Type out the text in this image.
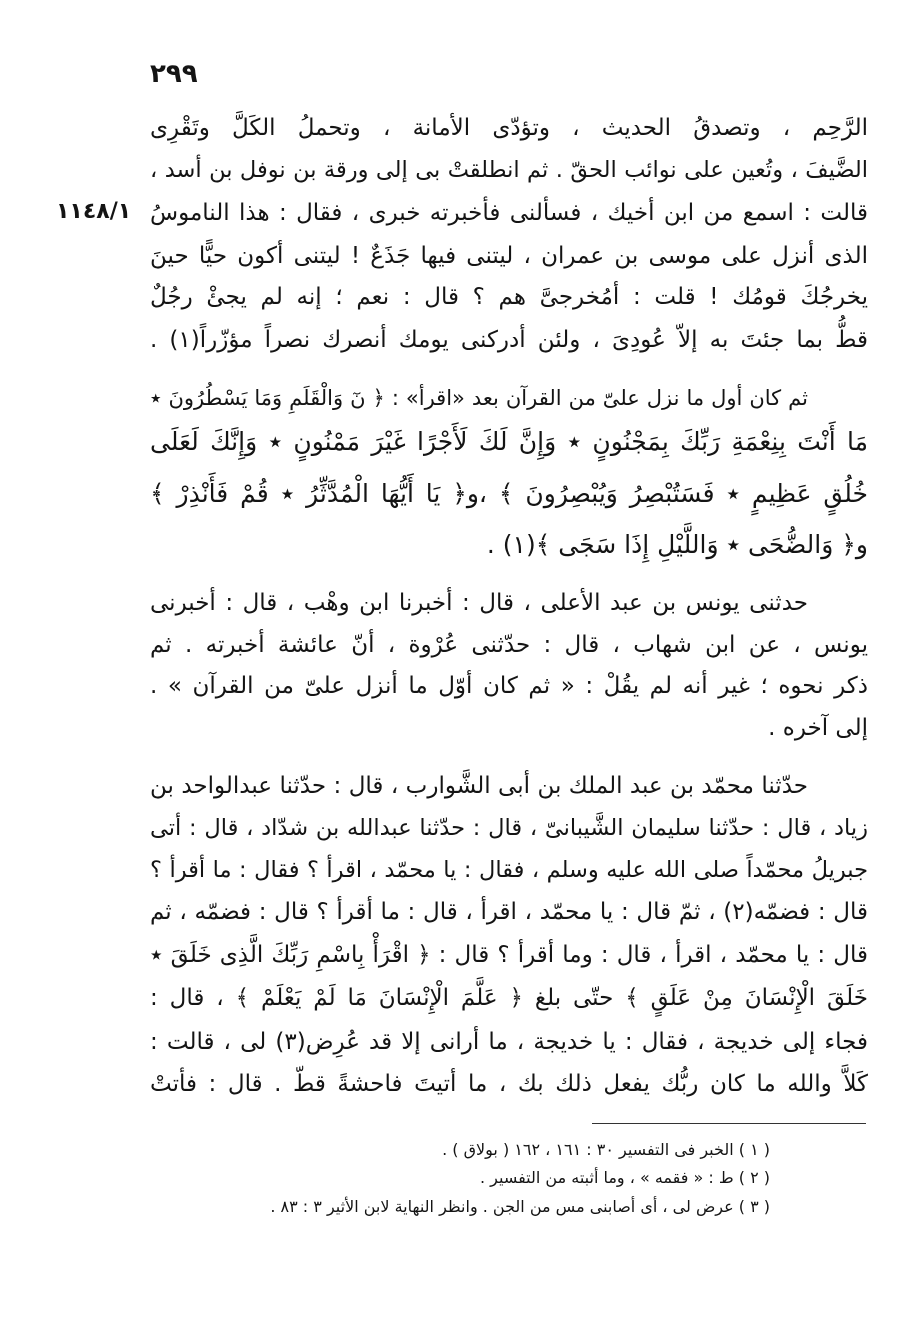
٢٩٩
١١٤٨/١
الرَّحِم ، وتصدقُ الحديث ، وتؤدّى الأمانة ، وتحملُ الكَلَّ وتَقْرِى
الضَّيفَ ، وتُعين على نوائب الحقّ . ثم انطلقتْ بى إلى ورقة بن نوفل بن أسد ،
قالت : اسمع من ابن أخيك ، فسألنى فأخبرته خبرى ، فقال : هذا الناموسُ
الذى أنزل على موسى بن عمران ، ليتنى فيها جَذَعٌ ! ليتنى أكون حيًّا حينَ
يخرجُكَ قومُك ! قلت : أمُخرجىَّ هم ؟ قال : نعم ؛ إنه لم يجئْ رجُلٌ
قطُّ بما جئتَ به إلاّ عُودِىَ ، ولئن أدركنى يومك أنصرك نصراً مؤزّراً(١) .
ثم كان أول ما نزل علىّ من القرآن بعد «اقرأ» : ﴿ نٓ وَالْقَلَمِ وَمَا يَسْطُرُونَ ٭
مَا أَنْتَ بِنِعْمَةِ رَبِّكَ بِمَجْنُونٍ ٭ وَإِنَّ لَكَ لَأَجْرًا غَيْرَ مَمْنُونٍ ٭ وَإِنَّكَ لَعَلَى
خُلُقٍ عَظِيمٍ ٭ فَسَتُبْصِرُ وَيُبْصِرُونَ ﴾ ،و﴿ يَا أَيُّهَا الْمُدَّثِّرُ ٭ قُمْ فَأَنْذِرْ ﴾
و﴿ وَالضُّحَى ٭ وَاللَّيْلِ إِذَا سَجَى ﴾(١) .
حدثنى يونس بن عبد الأعلى ، قال : أخبرنا ابن وهْب ، قال : أخبرنى
يونس ، عن ابن شهاب ، قال : حدّثنى عُرْوة ، أنّ عائشة أخبرته . ثم
ذكر نحوه ؛ غير أنه لم يقُلْ : « ثم كان أوّل ما أنزل علىّ من القرآن » .
إلى آخره .
حدّثنا محمّد بن عبد الملك بن أبى الشَّوارب ، قال : حدّثنا عبدالواحد بن
زياد ، قال : حدّثنا سليمان الشَّيبانىّ ، قال : حدّثنا عبدالله بن شدّاد ، قال : أتى
جبريلُ محمّداً صلى الله عليه وسلم ، فقال : يا محمّد ، اقرأ ؟ فقال : ما أقرأ ؟
قال : فضمّه(٢) ، ثمّ قال : يا محمّد ، اقرأ ، قال : ما أقرأ ؟ قال : فضمّه ، ثم
قال : يا محمّد ، اقرأ ، قال : وما أقرأ ؟ قال : ﴿ اقْرَأْ بِاسْمِ رَبِّكَ الَّذِى خَلَقَ ٭
خَلَقَ الْإِنْسَانَ مِنْ عَلَقٍ ﴾ حتّى بلغ ﴿ عَلَّمَ الْإِنْسَانَ مَا لَمْ يَعْلَمْ ﴾ ، قال :
فجاء إلى خديجة ، فقال : يا خديجة ، ما أرانى إلا قد عُرِض(٣) لى ، قالت :
كَلاَّ والله ما كان ربُّك يفعل ذلك بك ، ما أتيتَ فاحشةً قطّ . قال : فأتتْ
( ١ ) الخبر فى التفسير ٣٠ : ١٦١ ، ١٦٢ ( بولاق ) .
( ٢ ) ط : « فقمه » ، وما أثبته من التفسير .
( ٣ ) عرض لى ، أى أصابنى مس من الجن . وانظر النهاية لابن الأثير ٣ : ٨٣ .
